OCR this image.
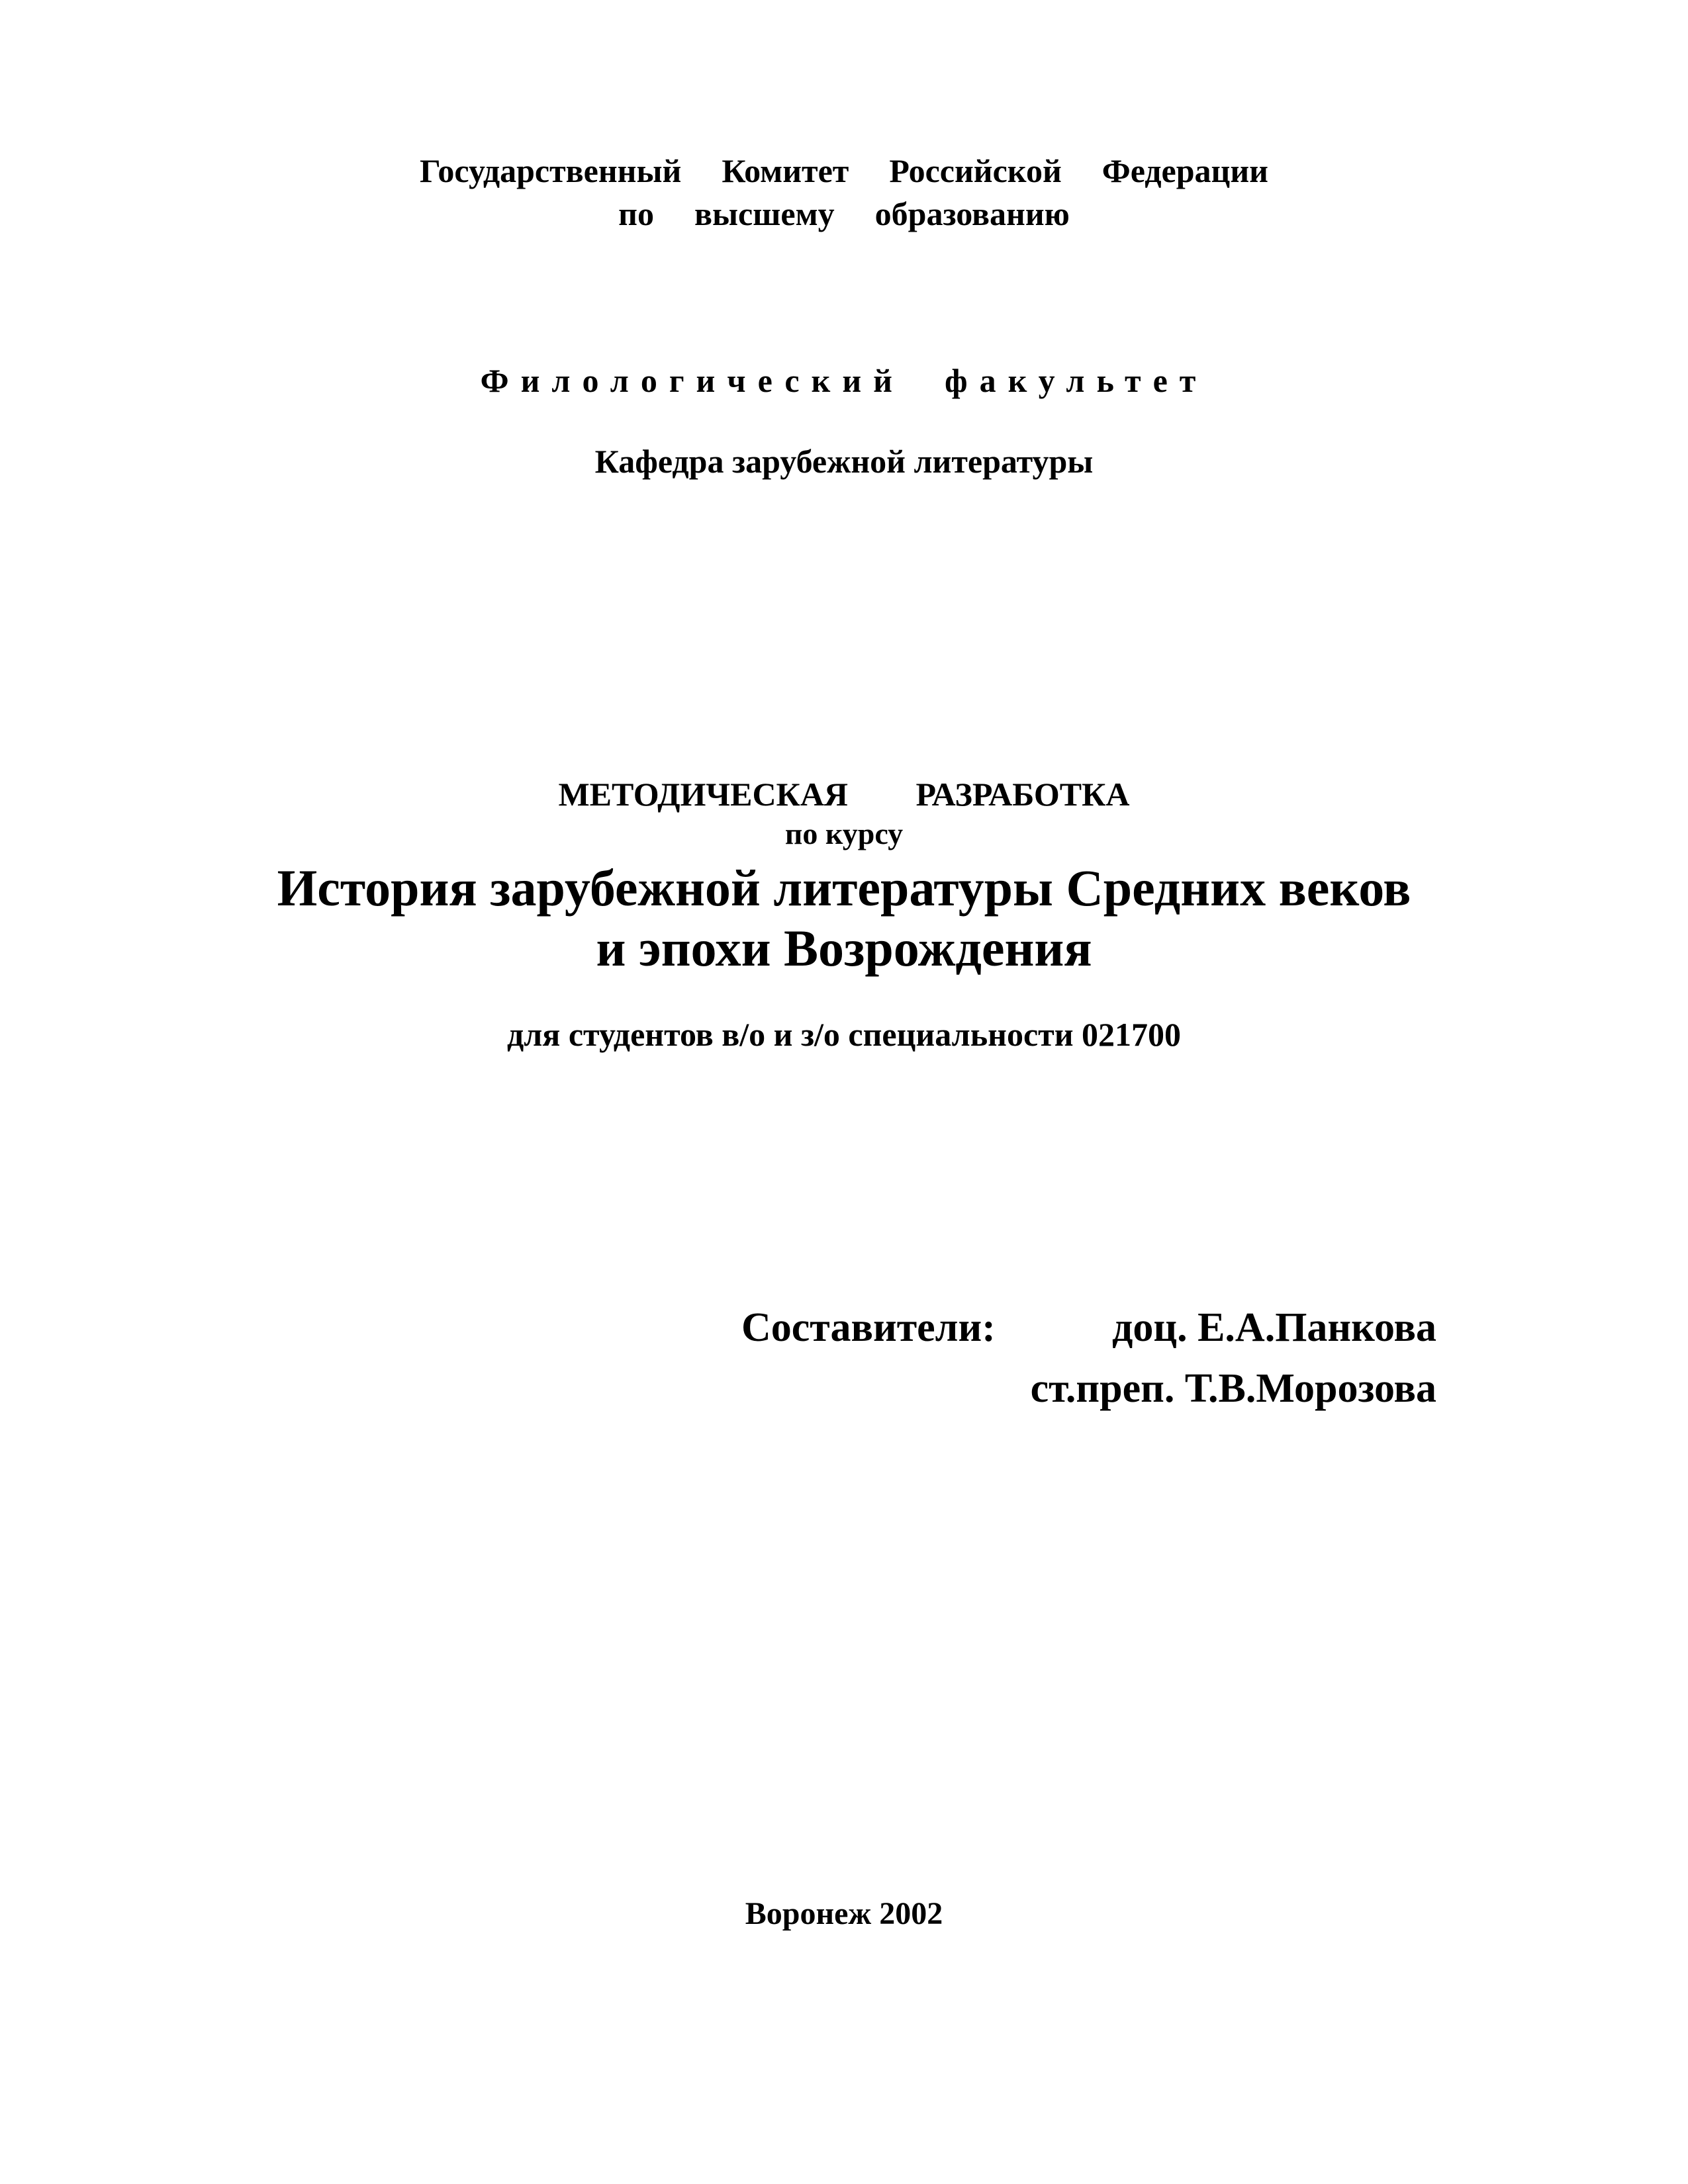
Государственный  Комитет  Российской  Федерации
по  высшему  образованию
Филологический  факультет
Кафедра зарубежной литературы
МЕТОДИЧЕСКАЯ РАЗРАБОТКА
по курсу
История зарубежной литературы Средних веков
и эпохи Возрождения
для студентов в/о и з/о специальности 021700
Составители:	доц. Е.А.Панкова
ст.преп. Т.В.Морозова
Воронеж 2002
